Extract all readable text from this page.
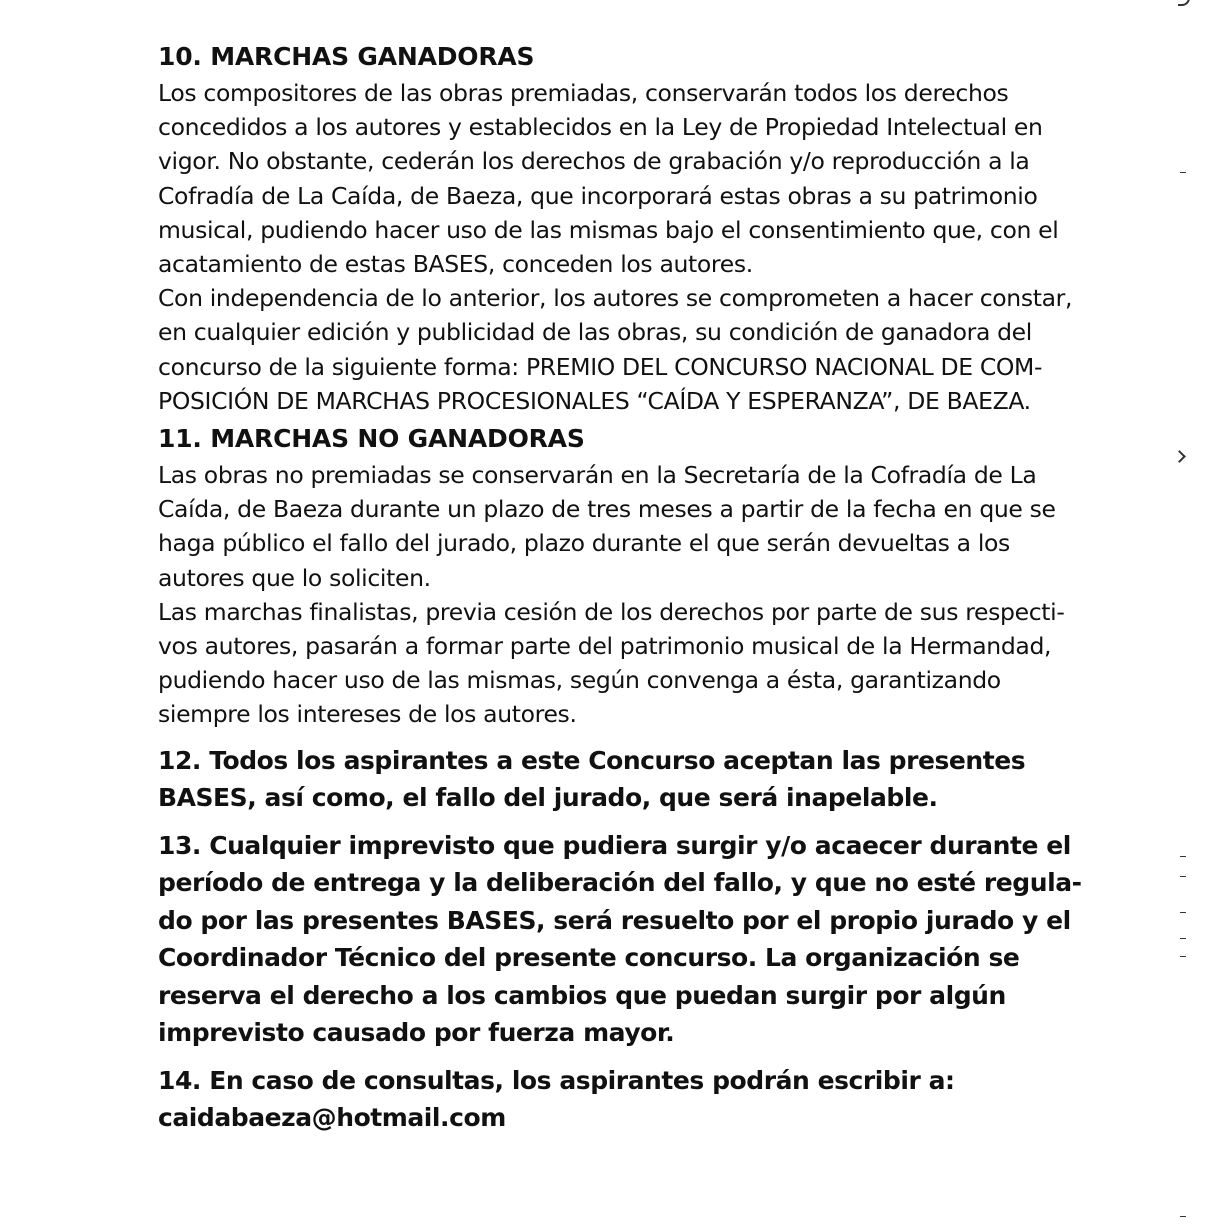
10. MARCHAS GANADORAS
Los compositores de las obras premiadas, conservarán todos los derechos
concedidos a los autores y establecidos en la Ley de Propiedad Intelectual en
vigor. No obstante, cederán los derechos de grabación y/o reproducción a la
Cofradía de La Caída, de Baeza, que incorporará estas obras a su patrimonio
musical, pudiendo hacer uso de las mismas bajo el consentimiento que, con el
acatamiento de estas BASES, conceden los autores.
Con independencia de lo anterior, los autores se comprometen a hacer constar,
en cualquier edición y publicidad de las obras, su condición de ganadora del
concurso de la siguiente forma: PREMIO DEL CONCURSO NACIONAL DE COM-
POSICIÓN DE MARCHAS PROCESIONALES “CAÍDA Y ESPERANZA”, DE BAEZA.
11. MARCHAS NO GANADORAS
Las obras no premiadas se conservarán en la Secretaría de la Cofradía de La
Caída, de Baeza durante un plazo de tres meses a partir de la fecha en que se
haga público el fallo del jurado, plazo durante el que serán devueltas a los
autores que lo soliciten.
Las marchas finalistas, previa cesión de los derechos por parte de sus respecti-
vos autores, pasarán a formar parte del patrimonio musical de la Hermandad,
pudiendo hacer uso de las mismas, según convenga a ésta, garantizando
siempre los intereses de los autores.
12. Todos los aspirantes a este Concurso aceptan las presentes
BASES, así como, el fallo del jurado, que será inapelable.
13. Cualquier imprevisto que pudiera surgir y/o acaecer durante el
período de entrega y la deliberación del fallo, y que no esté regula-
do por las presentes BASES, será resuelto por el propio jurado y el
Coordinador Técnico del presente concurso. La organización se
reserva el derecho a los cambios que puedan surgir por algún
imprevisto causado por fuerza mayor.
14. En caso de consultas, los aspirantes podrán escribir a:
caidabaeza@hotmail.com
